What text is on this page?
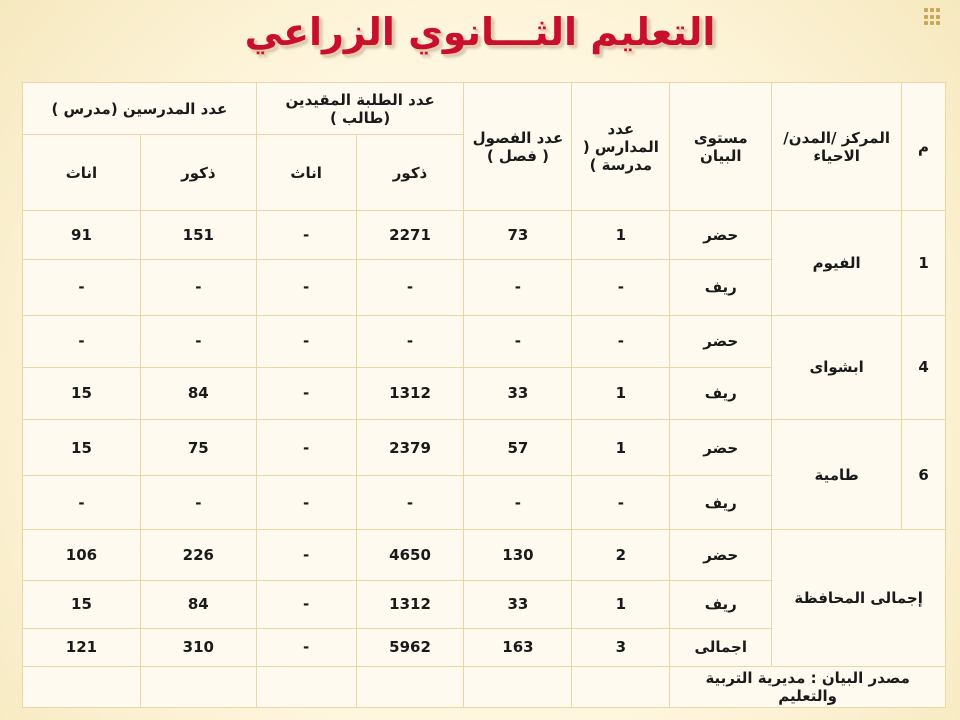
التعليم الثـــانوي الزراعي
م	المركز /المدن/الاحياء	مستوى البيان	عدد المدارس ( مدرسة )	عدد الفصول ( فصل )	عدد الطلبة المقيدين (طالب )		عدد المدرسين (مدرس )	
					ذكور	اناث	ذكور	اناث
1	الفيوم	حضر	1	73	2271	-	151	91
		ريف	-	-	-	-	-	-
4	ابشواى	حضر	-	-	-	-	-	-
		ريف	1	33	1312	-	84	15
6	طامية	حضر	1	57	2379	-	75	15
		ريف	-	-	-	-	-	-
إجمالى المحافظة		حضر	2	130	4650	-	226	106
		ريف	1	33	1312	-	84	15
		اجمالى	3	163	5962	-	310	121
مصدر البيان : مديرية التربية والتعليم								
